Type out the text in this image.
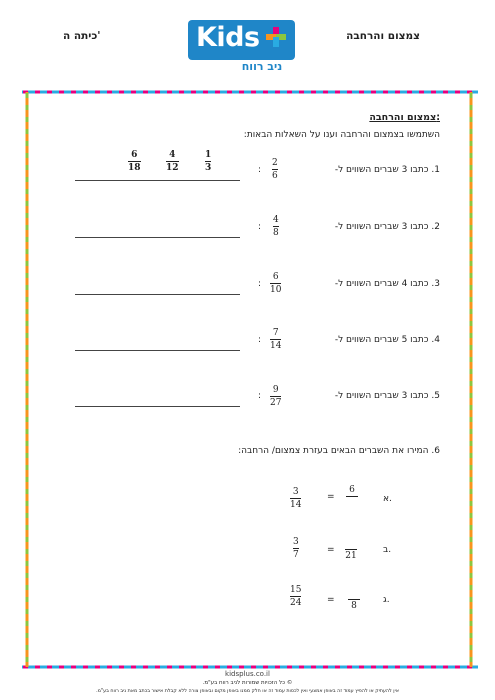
צמצום והרחבה
כיתה ה'	Kids
ניב רווח
צמצום והרחבה:
השתמשו בצמצום והרחבה וענו על השאלות הבאות:
6
18
4
12
1
3	1. כתבו 3 שברים השווים ל-
2
6
:
2. כתבו 3 שברים השווים ל-
4
8
:
3. כתבו 4 שברים השווים ל-
6
10
:
4. כתבו 5 שברים השווים ל-
7
14
:
5. כתבו 3 שברים השווים ל-
9
27
:
6. המירו את השברים הבאים בעזרת צמצום/ הרחבה:
א.
6
=
3
14
ב.
21
=
3
7
ג.
8
=
15
24
kidsplus.co.il
© כל הזכויות שמורות לניב רווח בע"מ.
אין להעתיק או להפיץ עמוד זה באופן אמצעי ואין לכסות עמוד זה או חלק ממנו באופן מקום ובאופן צורה ללא קבלת אישור בכתב מאת ניב רווח בע"מ.
